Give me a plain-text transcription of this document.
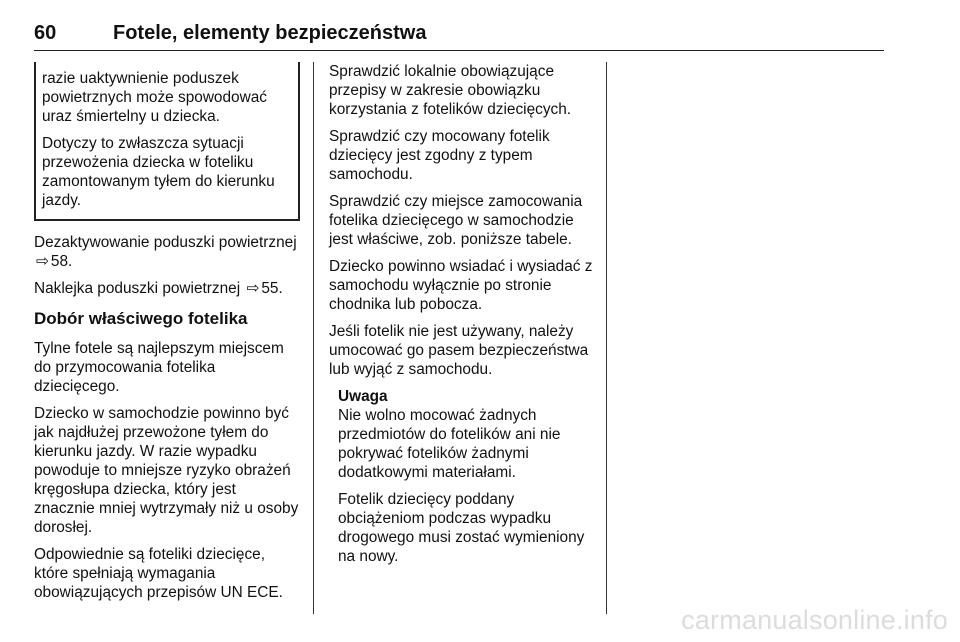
60	Fotele, elementy bezpieczeństwa

razie uaktywnienie poduszek powietrznych może spowodować uraz śmiertelny u dziecka.

Dotyczy to zwłaszcza sytuacji przewożenia dziecka w foteliku zamontowanym tyłem do kierunku jazdy.

Dezaktywowanie poduszki powietrznej ⇨ 58.

Naklejka poduszki powietrznej ⇨ 55.

Dobór właściwego fotelika

Tylne fotele są najlepszym miejscem do przymocowania fotelika dziecięcego.

Dziecko w samochodzie powinno być jak najdłużej przewożone tyłem do kierunku jazdy. W razie wypadku powoduje to mniejsze ryzyko obrażeń kręgosłupa dziecka, który jest znacznie mniej wytrzymały niż u osoby dorosłej.

Odpowiednie są foteliki dziecięce, które spełniają wymagania obowiązujących przepisów UN ECE.

Sprawdzić lokalnie obowiązujące przepisy w zakresie obowiązku korzystania z fotelików dziecięcych.

Sprawdzić czy mocowany fotelik dziecięcy jest zgodny z typem samochodu.

Sprawdzić czy miejsce zamocowania fotelika dziecięcego w samochodzie jest właściwe, zob. poniższe tabele.

Dziecko powinno wsiadać i wysiadać z samochodu wyłącznie po stronie chodnika lub pobocza.

Jeśli fotelik nie jest używany, należy umocować go pasem bezpieczeństwa lub wyjąć z samochodu.

Uwaga

Nie wolno mocować żadnych przedmiotów do fotelików ani nie pokrywać fotelików żadnymi dodatkowymi materiałami.

Fotelik dziecięcy poddany obciążeniom podczas wypadku drogowego musi zostać wymieniony na nowy.

carmanualsonline.info
